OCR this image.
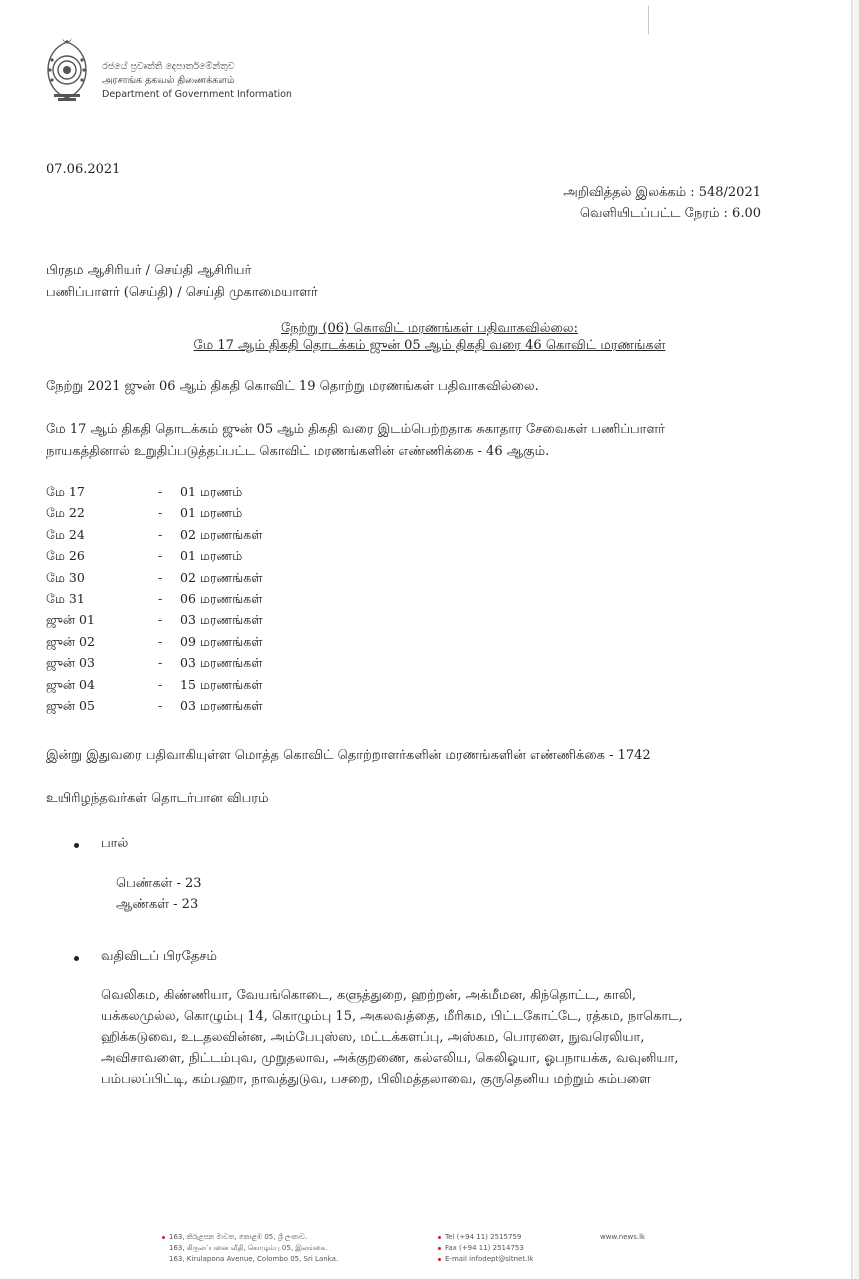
රජයේ ප්‍රවෘත්ති දෙපාර්තමේන්තුව
அரசாங்க தகவல் திணைக்களம்
Department of Government Information
07.06.2021
அறிவித்தல் இலக்கம் : 548/2021
வெளியிடப்பட்ட நேரம் : 6.00
பிரதம ஆசிரியர் / செய்தி ஆசிரியர்
பணிப்பாளர் (செய்தி) / செய்தி முகாமையாளர்
நேற்று (06) கொவிட் மரணங்கள் பதிவாகவில்லை:
மே 17 ஆம் திகதி தொடக்கம் ஜுன் 05 ஆம் திகதி வரை 46 கொவிட் மரணங்கள்
நேற்று 2021 ஜுன் 06 ஆம் திகதி கொவிட் 19 தொற்று மரணங்கள் பதிவாகவில்லை.
மே 17 ஆம் திகதி தொடக்கம் ஜுன் 05 ஆம் திகதி வரை இடம்பெற்றதாக சுகாதார சேவைகள் பணிப்பாளர்
நாயகத்தினால் உறுதிப்படுத்தப்பட்ட கொவிட் மரணங்களின் எண்ணிக்கை - 46 ஆகும்.
மே 17	- 01 மரணம்
மே 22	- 01 மரணம்
மே 24	- 02 மரணங்கள்
மே 26	- 01 மரணம்
மே 30	- 02 மரணங்கள்
மே 31	- 06 மரணங்கள்
ஜுன் 01	- 03 மரணங்கள்
ஜுன் 02	- 09 மரணங்கள்
ஜுன் 03	- 03 மரணங்கள்
ஜுன் 04	- 15 மரணங்கள்
ஜுன் 05	- 03 மரணங்கள்
இன்று இதுவரை பதிவாகியுள்ள மொத்த கொவிட் தொற்றாளர்களின் மரணங்களின் எண்ணிக்கை - 1742
உயிரிழந்தவர்கள் தொடர்பான விபரம்
பால்
பெண்கள் - 23
ஆண்கள் - 23
வதிவிடப் பிரதேசம்
வெலிகம, கிண்ணியா, வேயங்கொடை, களுத்துறை, ஹற்றன், அக்மீமன, கிந்தொட்ட, காலி,
யக்கலமுல்ல, கொழும்பு 14, கொழும்பு 15, அகலவத்தை, மீரிகம, பிட்டகோட்டே, ரத்கம, நாகொட,
ஹிக்கடுவை, உடதலவின்ன, அம்பேபுஸ்ஸ, மட்டக்களப்பு, அஸ்கம, பொரளை, நுவரெலியா,
அவிசாவளை, நிட்டம்புவ, முறுதலாவ, அக்குறணை, கல்எலிய, கெலிஓயா, ஓபநாயக்க, வவுனியா,
பம்பலப்பிட்டி, கம்பஹா, நாவத்துடுவ, பசறை, பிலிமத்தலாவை, குருதெனிய மற்றும் கம்பளை
163, කිරුළපන මාවත, කොළඹ 05, ශ්‍රී ලංකාව.
163, கிருலப்பனை வீதி, கொழும்பு 05, இலங்கை.
163, Kirulapona Avenue, Colombo 05, Sri Lanka.
Tel (+94 11) 2515759
Fax (+94 11) 2514753
E-mail infodept@sltnet.lk
www.news.lk
